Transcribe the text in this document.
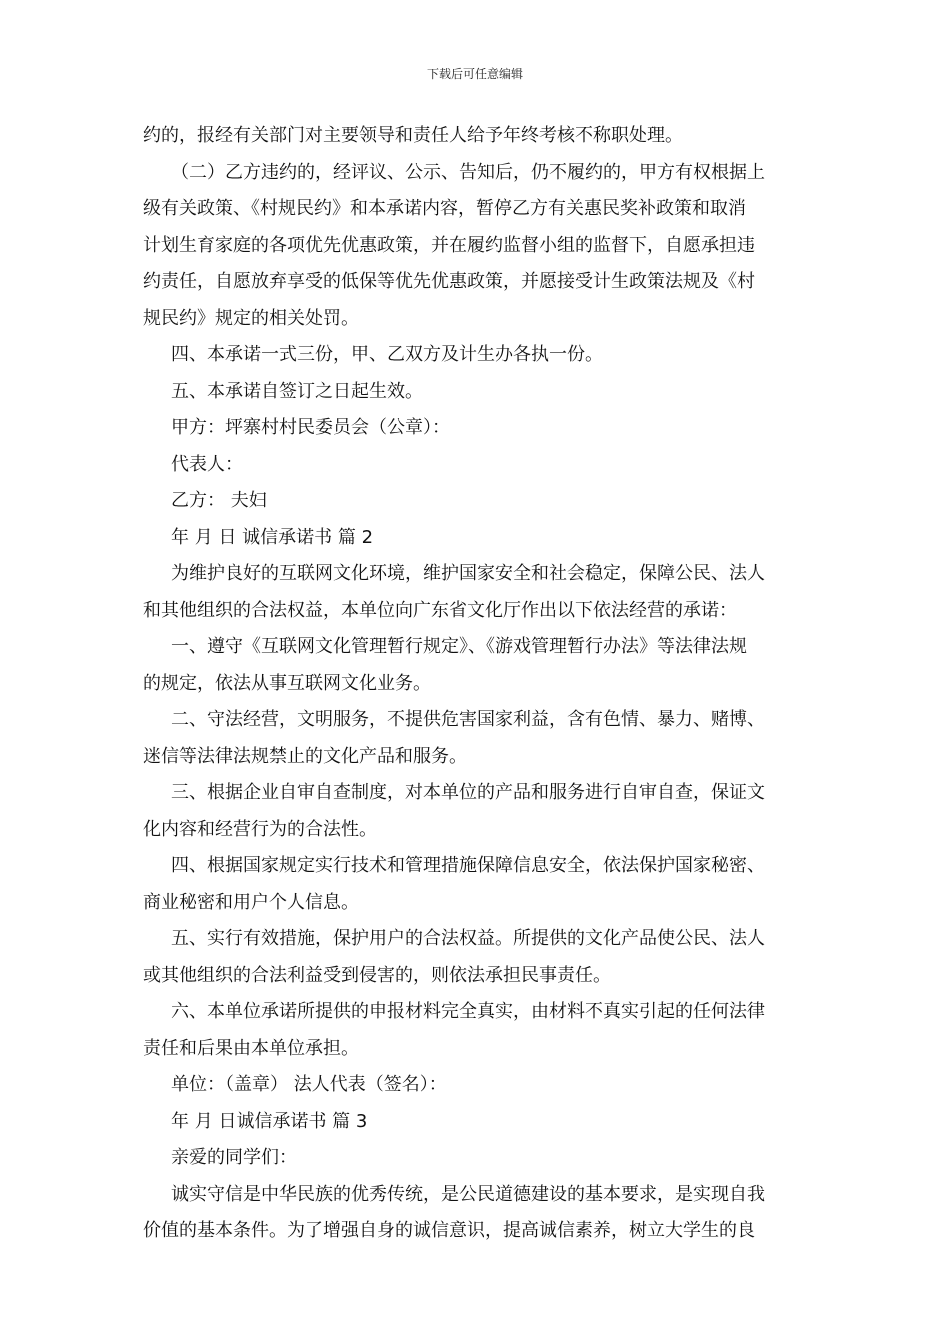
下载后可任意编辑
约的，报经有关部门对主要领导和责任人给予年终考核不称职处理。
（二）乙方违约的，经评议、公示、告知后，仍不履约的，甲方有权根据上
级有关政策、《村规民约》和本承诺内容，暂停乙方有关惠民奖补政策和取消
计划生育家庭的各项优先优惠政策，并在履约监督小组的监督下，自愿承担违
约责任，自愿放弃享受的低保等优先优惠政策，并愿接受计生政策法规及《村
规民约》规定的相关处罚。
四、本承诺一式三份，甲、乙双方及计生办各执一份。
五、本承诺自签订之日起生效。
甲方：坪寨村村民委员会（公章）：
代表人：
乙方： 夫妇
年 月 日 诚信承诺书 篇 2
为维护良好的互联网文化环境，维护国家安全和社会稳定，保障公民、法人
和其他组织的合法权益，本单位向广东省文化厅作出以下依法经营的承诺：
一、遵守《互联网文化管理暂行规定》、《游戏管理暂行办法》等法律法规
的规定，依法从事互联网文化业务。
二、守法经营，文明服务，不提供危害国家利益，含有色情、暴力、赌博、
迷信等法律法规禁止的文化产品和服务。
三、根据企业自审自查制度，对本单位的产品和服务进行自审自查，保证文
化内容和经营行为的合法性。
四、根据国家规定实行技术和管理措施保障信息安全，依法保护国家秘密、
商业秘密和用户个人信息。
五、实行有效措施，保护用户的合法权益。所提供的文化产品使公民、法人
或其他组织的合法利益受到侵害的，则依法承担民事责任。
六、本单位承诺所提供的申报材料完全真实，由材料不真实引起的任何法律
责任和后果由本单位承担。
单位：（盖章） 法人代表（签名）：
年 月 日诚信承诺书 篇 3
亲爱的同学们：
诚实守信是中华民族的优秀传统，是公民道德建设的基本要求，是实现自我
价值的基本条件。为了增强自身的诚信意识，提高诚信素养，树立大学生的良
